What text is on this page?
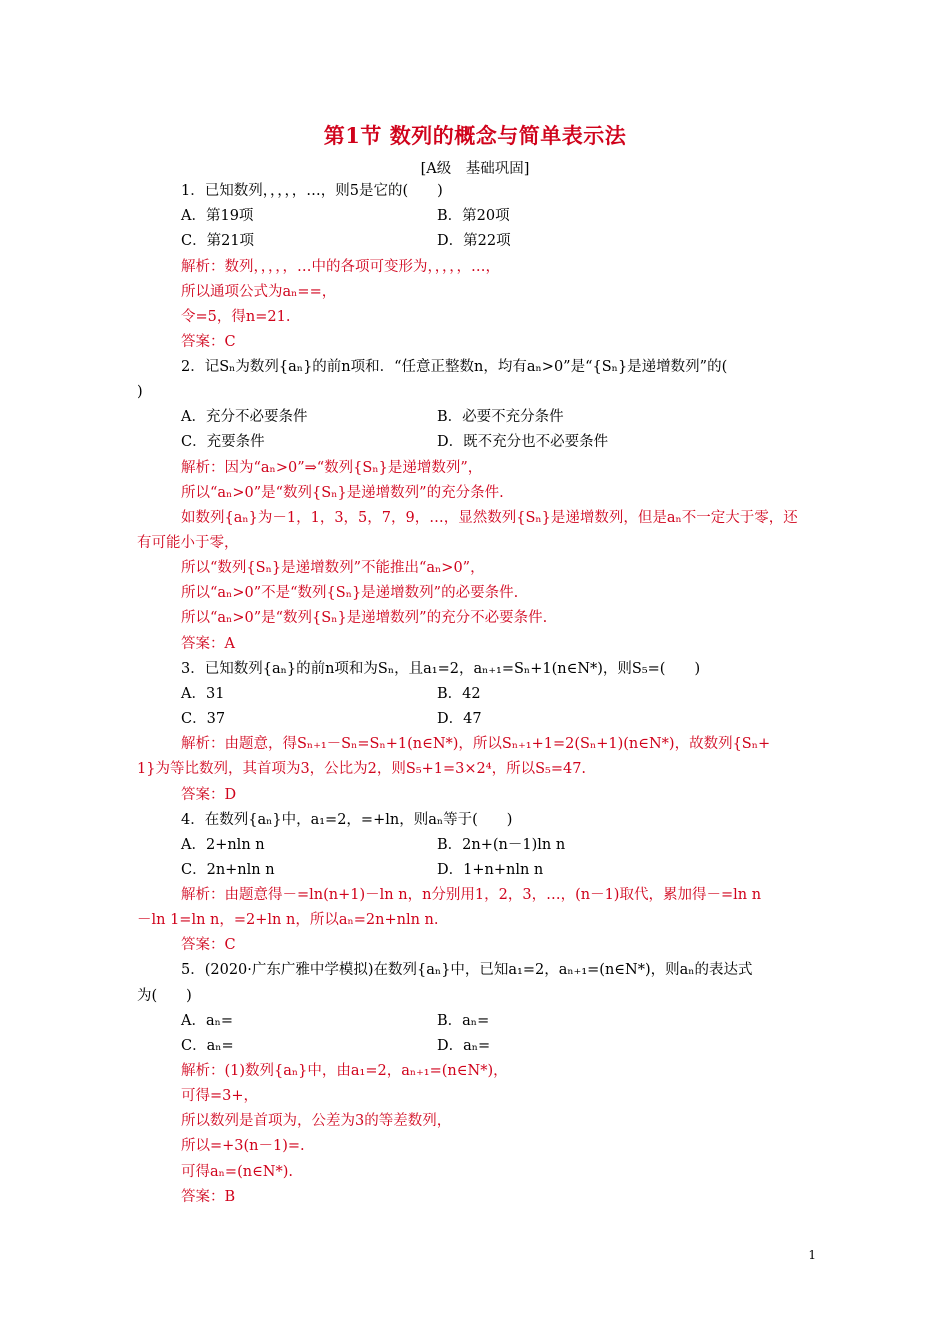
第1节 数列的概念与简单表示法
[A级　基础巩固]
1．已知数列，，，，，…，则5是它的(　　)
A．第19项	B．第20项
C．第21项	D．第22项
解析：数列，，，，，…中的各项可变形为，，，，，…，
所以通项公式为aₙ==，
令=5，得n=21.
答案：C
2．记Sₙ为数列{aₙ}的前n项和．“任意正整数n，均有aₙ>0”是“{Sₙ}是递增数列”的(
)
A．充分不必要条件	B．必要不充分条件
C．充要条件	D．既不充分也不必要条件
解析：因为“aₙ>0”⇒“数列{Sₙ}是递增数列”，
所以“aₙ>0”是“数列{Sₙ}是递增数列”的充分条件.
如数列{aₙ}为－1，1，3，5，7，9，…，显然数列{Sₙ}是递增数列，但是aₙ不一定大于零，还
有可能小于零，
所以“数列{Sₙ}是递增数列”不能推出“aₙ>0”，
所以“aₙ>0”不是“数列{Sₙ}是递增数列”的必要条件.
所以“aₙ>0”是“数列{Sₙ}是递增数列”的充分不必要条件.
答案：A
3．已知数列{aₙ}的前n项和为Sₙ，且a₁=2，aₙ₊₁=Sₙ+1(n∈N*)，则S₅=(　　)
A．31	B．42
C．37	D．47
解析：由题意，得Sₙ₊₁－Sₙ=Sₙ+1(n∈N*)，所以Sₙ₊₁+1=2(Sₙ+1)(n∈N*)，故数列{Sₙ+
1}为等比数列，其首项为3，公比为2，则S₅+1=3×2⁴，所以S₅=47.
答案：D
4．在数列{aₙ}中，a₁=2，=+ln，则aₙ等于(　　)
A．2+nln n	B．2n+(n－1)ln n
C．2n+nln n	D．1+n+nln n
解析：由题意得－=ln(n+1)－ln n，n分别用1，2，3，…，(n－1)取代，累加得－=ln n
－ln 1=ln n，=2+ln n，所以aₙ=2n+nln n.
答案：C
5．(2020·广东广雅中学模拟)在数列{aₙ}中，已知a₁=2，aₙ₊₁=(n∈N*)，则aₙ的表达式
为(　　)
A．aₙ=	B．aₙ=
C．aₙ=	D．aₙ=
解析：(1)数列{aₙ}中，由a₁=2，aₙ₊₁=(n∈N*)，
可得=3+，
所以数列是首项为，公差为3的等差数列，
所以=+3(n－1)=.
可得aₙ=(n∈N*).
答案：B
1
